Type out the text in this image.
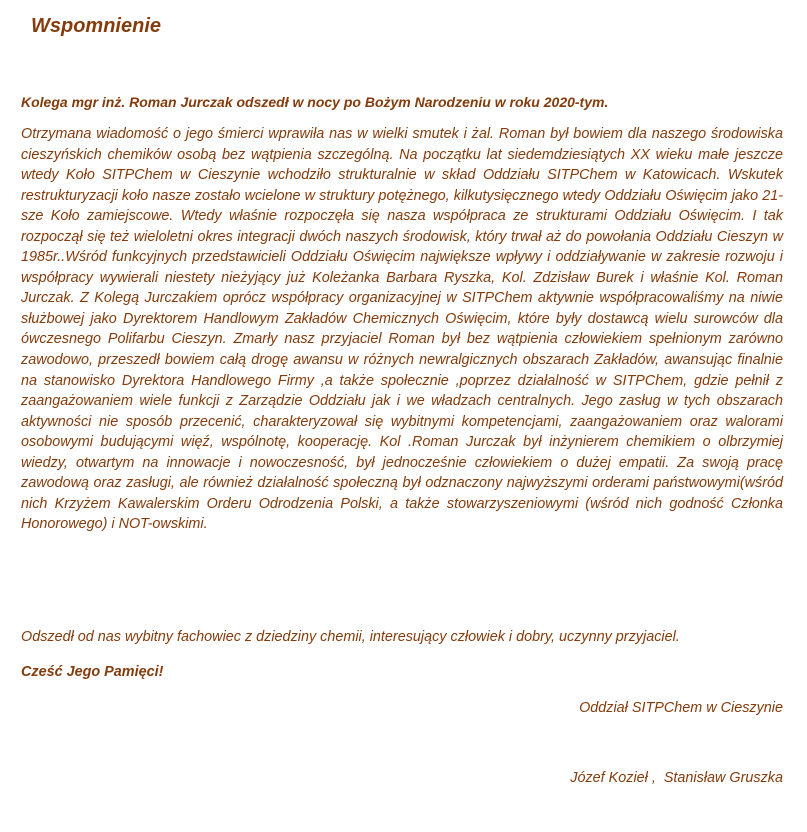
Wspomnienie

Kolega mgr inż. Roman Jurczak odszedł w nocy po Bożym Narodzeniu w roku 2020-tym.

Otrzymana wiadomość o jego śmierci wprawiła nas w wielki smutek i żal. Roman był bowiem dla naszego środowiska cieszyńskich chemików osobą bez wątpienia szczególną. Na początku lat siedemdziesiątych XX wieku małe jeszcze wtedy Koło SITPChem w Cieszynie wchodziło strukturalnie w skład Oddziału SITPChem w Katowicach. Wskutek restrukturyzacji koło nasze zostało wcielone w struktury potężnego, kilkutysięcznego wtedy Oddziału Oświęcim jako 21-sze Koło zamiejscowe. Wtedy właśnie rozpoczęła się nasza współpraca ze strukturami Oddziału Oświęcim. I tak rozpoczął się też wieloletni okres integracji dwóch naszych środowisk, który trwał aż do powołania Oddziału Cieszyn w 1985r..Wśród funkcyjnych przedstawicieli Oddziału Oświęcim największe wpływy i oddziaływanie w zakresie rozwoju i współpracy wywierali niestety nieżyjący już Koleżanka Barbara Ryszka, Kol. Zdzisław Burek i właśnie Kol. Roman Jurczak. Z Kolegą Jurczakiem oprócz współpracy organizacyjnej w SITPChem aktywnie współpracowaliśmy na niwie służbowej jako Dyrektorem Handlowym Zakładów Chemicznych Oświęcim, które były dostawcą wielu surowców dla ówczesnego Polifarbu Cieszyn. Zmarły nasz przyjaciel Roman był bez wątpienia człowiekiem spełnionym zarówno zawodowo, przeszedł bowiem całą drogę awansu w różnych newralgicznych obszarach Zakładów, awansując finalnie na stanowisko Dyrektora Handlowego Firmy ,a także społecznie ,poprzez działalność w SITPChem, gdzie pełnił z zaangażowaniem wiele funkcji z Zarządzie Oddziału jak i we władzach centralnych. Jego zasług w tych obszarach aktywności nie sposób przecenić, charakteryzował się wybitnymi kompetencjami, zaangażowaniem oraz walorami osobowymi budującymi więź, wspólnotę, kooperację. Kol .Roman Jurczak był inżynierem chemikiem o olbrzymiej wiedzy, otwartym na innowacje i nowoczesność, był jednocześnie człowiekiem o dużej empatii. Za swoją pracę zawodową oraz zasługi, ale również działalność społeczną był odznaczony najwyższymi orderami państwowymi(wśród nich Krzyżem Kawalerskim Orderu Odrodzenia Polski, a także stowarzyszeniowymi (wśród nich godność Członka Honorowego) i NOT-owskimi.

Odszedł od nas wybitny fachowiec z dziedziny chemii, interesujący człowiek i dobry, uczynny przyjaciel.

Cześć Jego Pamięci!

Oddział SITPChem w Cieszynie

Józef Kozieł ,  Stanisław Gruszka
